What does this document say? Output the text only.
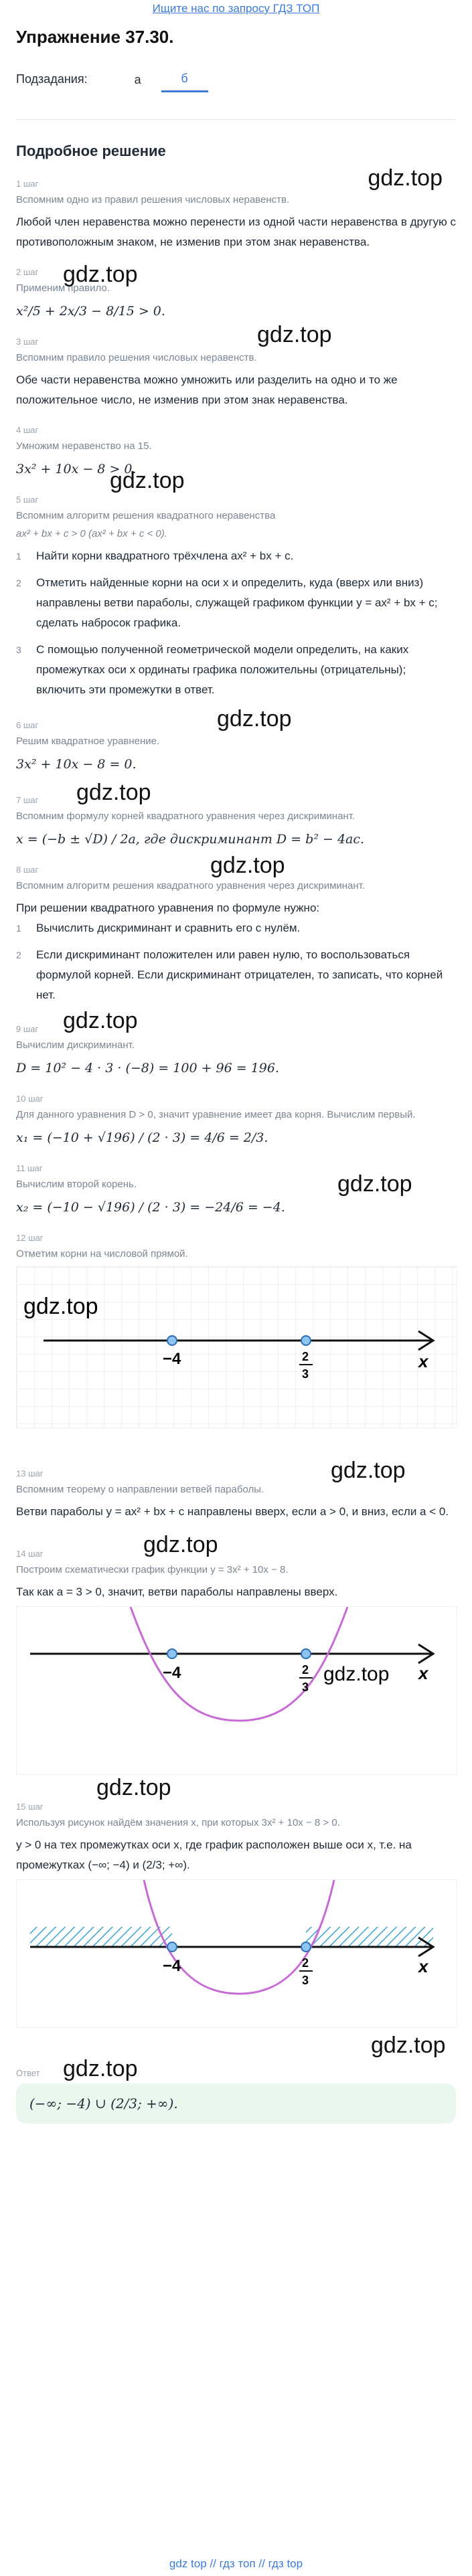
Ищите нас по запросу ГДЗ ТОП
Упражнение 37.30.
Подзадания:	а	б
Подробное решение
1 шаг
Вспомним одно из правил решения числовых неравенств.
Любой член неравенства можно перенести из одной части неравенства в другую с противоположным знаком, не изменив при этом знак неравенства.
gdz.top
2 шаг
Применим правило.
x²/5 + 2x/3 − 8/15 > 0.
gdz.top
3 шаг
Вспомним правило решения числовых неравенств.
Обе части неравенства можно умножить или разделить на одно и то же положительное число, не изменив при этом знак неравенства.
gdz.top
4 шаг
Умножим неравенство на 15.
3x² + 10x − 8 > 0.
5 шаг
gdz.top
Вспомним алгоритм решения квадратного неравенства
ax² + bx + c > 0 (ax² + bx + c < 0).
1	Найти корни квадратного трёхчлена ax² + bx + c.
2	Отметить найденные корни на оси x и определить, куда (вверх или вниз) направлены ветви параболы, служащей графиком функции y = ax² + bx + c; сделать набросок графика.
3	С помощью полученной геометрической модели определить, на каких промежутках оси x ординаты графика положительны (отрицательны); включить эти промежутки в ответ.
gdz.top
6 шаг
Решим квадратное уравнение.
3x² + 10x − 8 = 0.
gdz.top
7 шаг
Вспомним формулу корней квадратного уравнения через дискриминант.
x = (−b ± √D) / 2a, где дискриминант D = b² − 4ac.
gdz.top
8 шаг
Вспомним алгоритм решения квадратного уравнения через дискриминант.
При решении квадратного уравнения по формуле нужно:
1	Вычислить дискриминант и сравнить его с нулём.
2	Если дискриминант положителен или равен нулю, то воспользоваться формулой корней. Если дискриминант отрицателен, то записать, что корней нет.
gdz.top
9 шаг
Вычислим дискриминант.
D = 10² − 4 · 3 · (−8) = 100 + 96 = 196.
10 шаг
Для данного уравнения D > 0, значит уравнение имеет два корня. Вычислим первый.
x₁ = (−10 + √196) / (2 · 3) = 4/6 = 2/3.
11 шаг
Вычислим второй корень.
x₂ = (−10 − √196) / (2 · 3) = −24/6 = −4.
gdz.top
12 шаг
Отметим корни на числовой прямой.
−4	2
3
x
gdz.top
gdz.top
13 шаг
Вспомним теорему о направлении ветвей параболы.
Ветви параболы y = ax² + bx + c направлены вверх, если a > 0, и вниз, если a < 0.
gdz.top
14 шаг
Построим схематически график функции y = 3x² + 10x − 8.
Так как a = 3 > 0, значит, ветви параболы направлены вверх.
−4	2
3
x
gdz.top
gdz.top
15 шаг
Используя рисунок найдём значения x, при которых 3x² + 10x − 8 > 0.
y > 0 на тех промежутках оси x, где график расположен выше оси x, т.е. на промежутках (−∞; −4) и (2/3; +∞).
−4	2
3
x
gdz.top
Ответ	gdz.top
(−∞; −4) ∪ (2/3; +∞).
gdz top // гдз топ // гдз top
